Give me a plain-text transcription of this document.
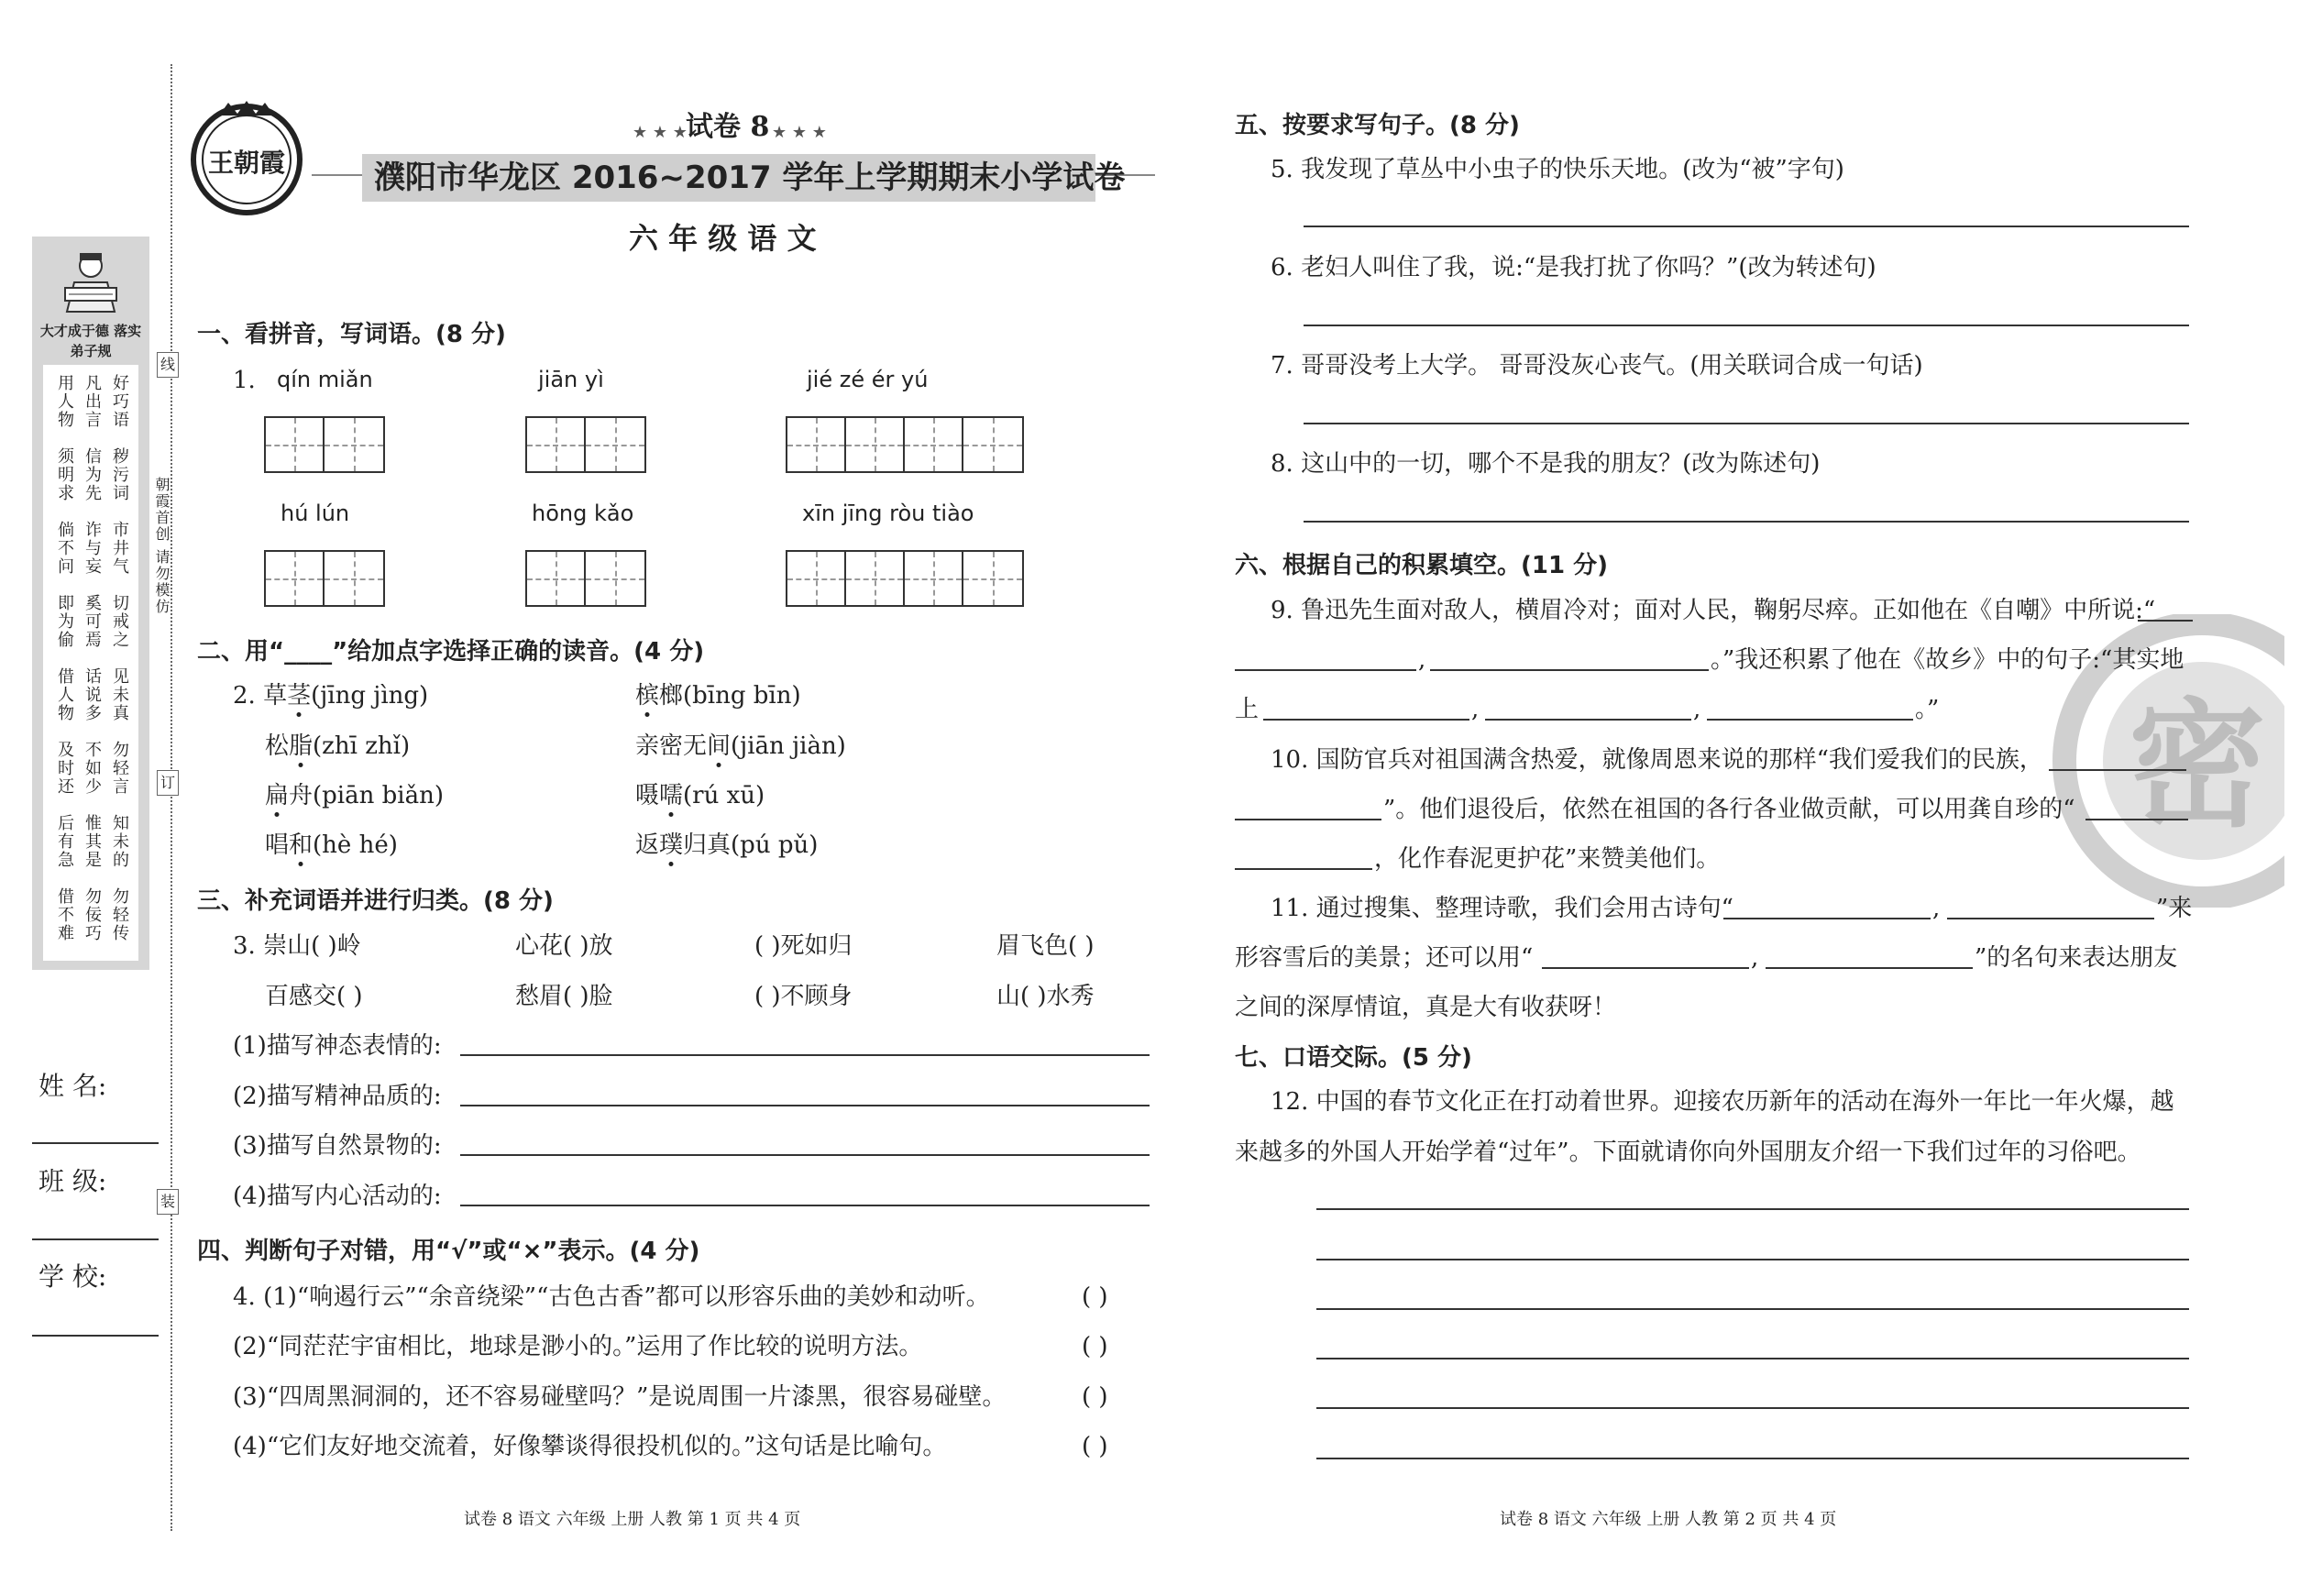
大才成于德 落实弟子规
好巧语
凡出言
用人物
秽污词
信为先
须明求
市井气
诈与妄
倘不问
切戒之
奚可焉
即为偷
见未真
话说多
借人物
勿轻言
不如少
及时还
知未的
惟其是
后有急
勿轻传
勿佞巧
借不难
线
朝霞首创 请勿模仿
订
装
姓 名:
班 级:
学 校:
王朝霞
★ ★ ★
试卷 8 ★ ★ ★
濮阳市华龙区 2016~2017 学年上学期期末小学试卷
六 年 级 语 文
一、看拼音，写词语。(8 分)
1. qín miǎn	jiān yì	jié zé ér yú
hú lún	hōng kǎo	xīn jīng ròu tiào
二、用“____”给加点字选择正确的读音。(4 分)
2. 草茎(jīng jìng)	槟榔(bīng bīn)
松脂(zhī zhǐ)	亲密无间(jiān jiàn)
扁舟(piān biǎn)	嗫嚅(rú xū)
唱和(hè hé)	返璞归真(pú pǔ)
三、补充词语并进行归类。(8 分)
3. 崇山( )岭	心花( )放	( )死如归	眉飞色( )
百感交( )	愁眉( )脸	( )不顾身	山( )水秀
(1)描写神态表情的:
(2)描写精神品质的:
(3)描写自然景物的:
(4)描写内心活动的:
四、判断句子对错，用“√”或“×”表示。(4 分)
4. (1)“响遏行云”“余音绕梁”“古色古香”都可以形容乐曲的美妙和动听。	( )
(2)“同茫茫宇宙相比，地球是渺小的。”运用了作比较的说明方法。	( )
(3)“四周黑洞洞的，还不容易碰壁吗？”是说周围一片漆黑，很容易碰壁。	( )
(4)“它们友好地交流着，好像攀谈得很投机似的。”这句话是比喻句。	( )
试卷 8 语文 六年级 上册 人教 第 1 页 共 4 页
密
五、按要求写句子。(8 分)
5. 我发现了草丛中小虫子的快乐天地。(改为“被”字句)
6. 老妇人叫住了我，说:“是我打扰了你吗？”(改为转述句)
7. 哥哥没考上大学。 哥哥没灰心丧气。(用关联词合成一句话)
8. 这山中的一切，哪个不是我的朋友？(改为陈述句)
六、根据自己的积累填空。(11 分)
9. 鲁迅先生面对敌人，横眉冷对；面对人民，鞠躬尽瘁。正如他在《自嘲》中所说:“
,	。”我还积累了他在《故乡》中的句子:“其实地
上	,	,	。”
10. 国防官兵对祖国满含热爱，就像周恩来说的那样“我们爱我们的民族，
”。他们退役后，依然在祖国的各行各业做贡献，可以用龚自珍的“
，化作春泥更护花”来赞美他们。
11. 通过搜集、整理诗歌，我们会用古诗句“	,	”来
形容雪后的美景；还可以用“	,	”的名句来表达朋友
之间的深厚情谊，真是大有收获呀！
七、口语交际。(5 分)
12. 中国的春节文化正在打动着世界。迎接农历新年的活动在海外一年比一年火爆，越
来越多的外国人开始学着“过年”。下面就请你向外国朋友介绍一下我们过年的习俗吧。
试卷 8 语文 六年级 上册 人教 第 2 页 共 4 页
